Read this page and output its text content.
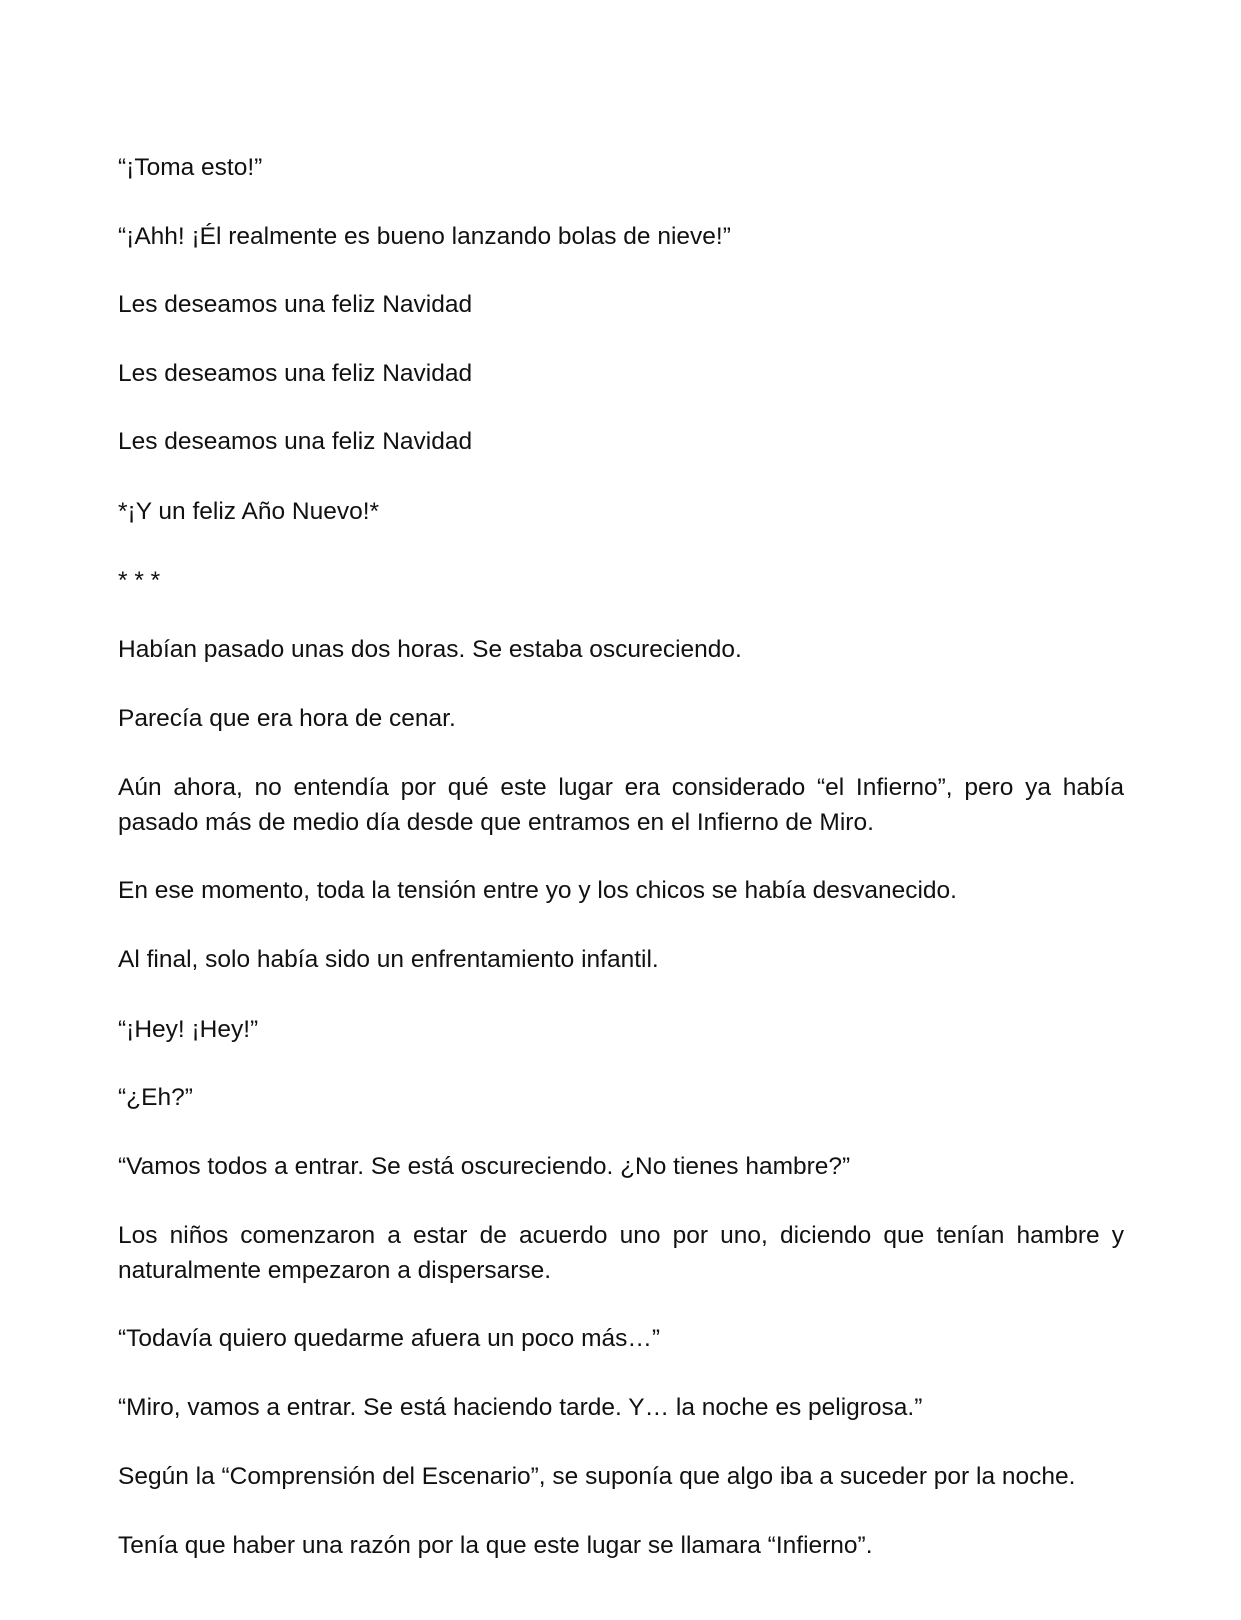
“¡Toma esto!”

“¡Ahh! ¡Él realmente es bueno lanzando bolas de nieve!”

Les deseamos una feliz Navidad

Les deseamos una feliz Navidad

Les deseamos una feliz Navidad

*¡Y un feliz Año Nuevo!*

* * *

Habían pasado unas dos horas. Se estaba oscureciendo.

Parecía que era hora de cenar.

Aún ahora, no entendía por qué este lugar era considerado “el Infierno”, pero ya había pasado más de medio día desde que entramos en el Infierno de Miro.

En ese momento, toda la tensión entre yo y los chicos se había desvanecido.

Al final, solo había sido un enfrentamiento infantil.

“¡Hey! ¡Hey!”

“¿Eh?”

“Vamos todos a entrar. Se está oscureciendo. ¿No tienes hambre?”

Los niños comenzaron a estar de acuerdo uno por uno, diciendo que tenían hambre y naturalmente empezaron a dispersarse.

“Todavía quiero quedarme afuera un poco más…”

“Miro, vamos a entrar. Se está haciendo tarde. Y… la noche es peligrosa.”

Según la “Comprensión del Escenario”, se suponía que algo iba a suceder por la noche.

Tenía que haber una razón por la que este lugar se llamara “Infierno”.
